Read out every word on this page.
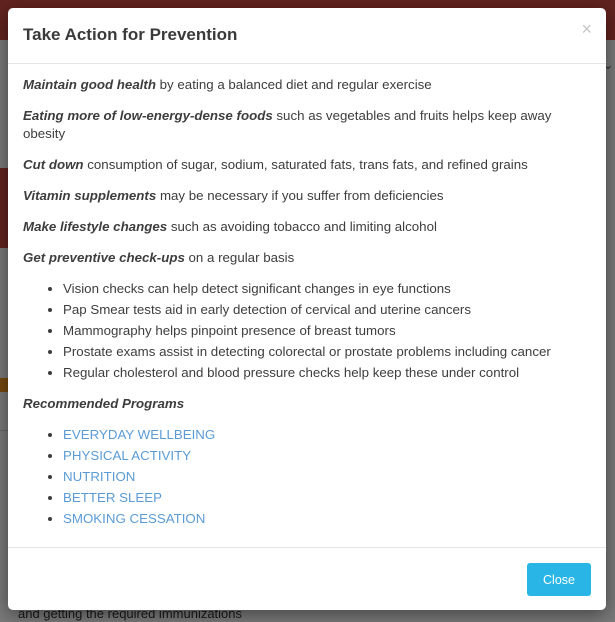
Take Action for Prevention	×

Maintain good health by eating a balanced diet and regular exercise

Eating more of low-energy-dense foods such as vegetables and fruits helps keep away obesity

Cut down consumption of sugar, sodium, saturated fats, trans fats, and refined grains

Vitamin supplements may be necessary if you suffer from deficiencies

Make lifestyle changes such as avoiding tobacco and limiting alcohol

Get preventive check-ups on a regular basis

• Vision checks can help detect significant changes in eye functions
• Pap Smear tests aid in early detection of cervical and uterine cancers
• Mammography helps pinpoint presence of breast tumors
• Prostate exams assist in detecting colorectal or prostate problems including cancer
• Regular cholesterol and blood pressure checks help keep these under control

Recommended Programs

• EVERYDAY WELLBEING
• PHYSICAL ACTIVITY
• NUTRITION
• BETTER SLEEP
• SMOKING CESSATION
Close
